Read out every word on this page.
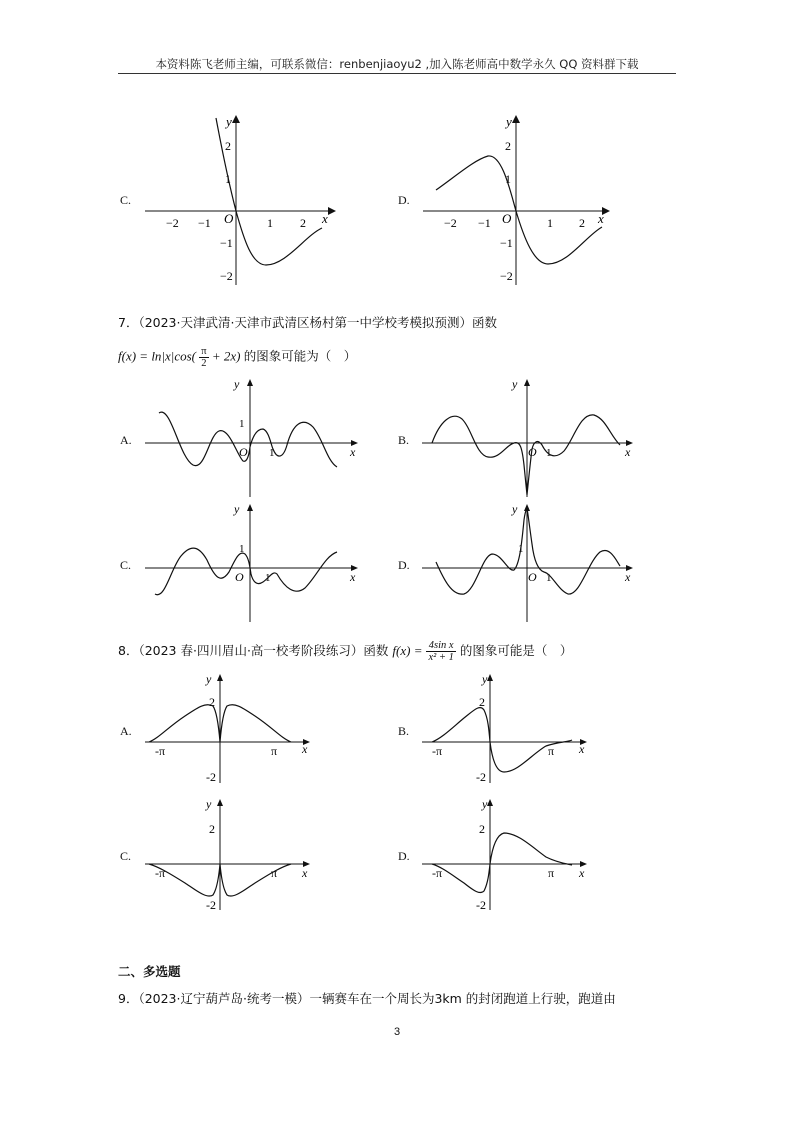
本资料陈飞老师主编，可联系微信：renbenjiaoyu2 ,加入陈老师高中数学永久 QQ 资料群下载
C.
x
y
O
−2 −1	1 2
2
1
−1
−2
D.
x
y
O
−2 −1	1 2
2
1
−1
−2
7．（2023·天津武清·天津市武清区杨村第一中学校考模拟预测）函数
$f(x) = \ln|x|\cos( \frac{\pi}{2} + 2x)$ 的图象可能为（　）
A.
x
y
1
O 1
B.
x
y
O 1
C.
x
y
1
O 1
D.
x
y
1
O 1
8．（2023 春·四川眉山·高一校考阶段练习）函数 $f(x) = \frac{\text{4sin x}}{\text{x² + 1}}$ 的图象可能是（　）
A.
x
y
2
-2
-π	π
B.
x
y
2
-2
-π	π
C.
x
y
2
-2
-π	π
D.
x
y
2
-2
-π	π
二、多选题
9．（2023·辽宁葫芦岛·统考一模）一辆赛车在一个周长为3km 的封闭跑道上行驶，跑道由
3
